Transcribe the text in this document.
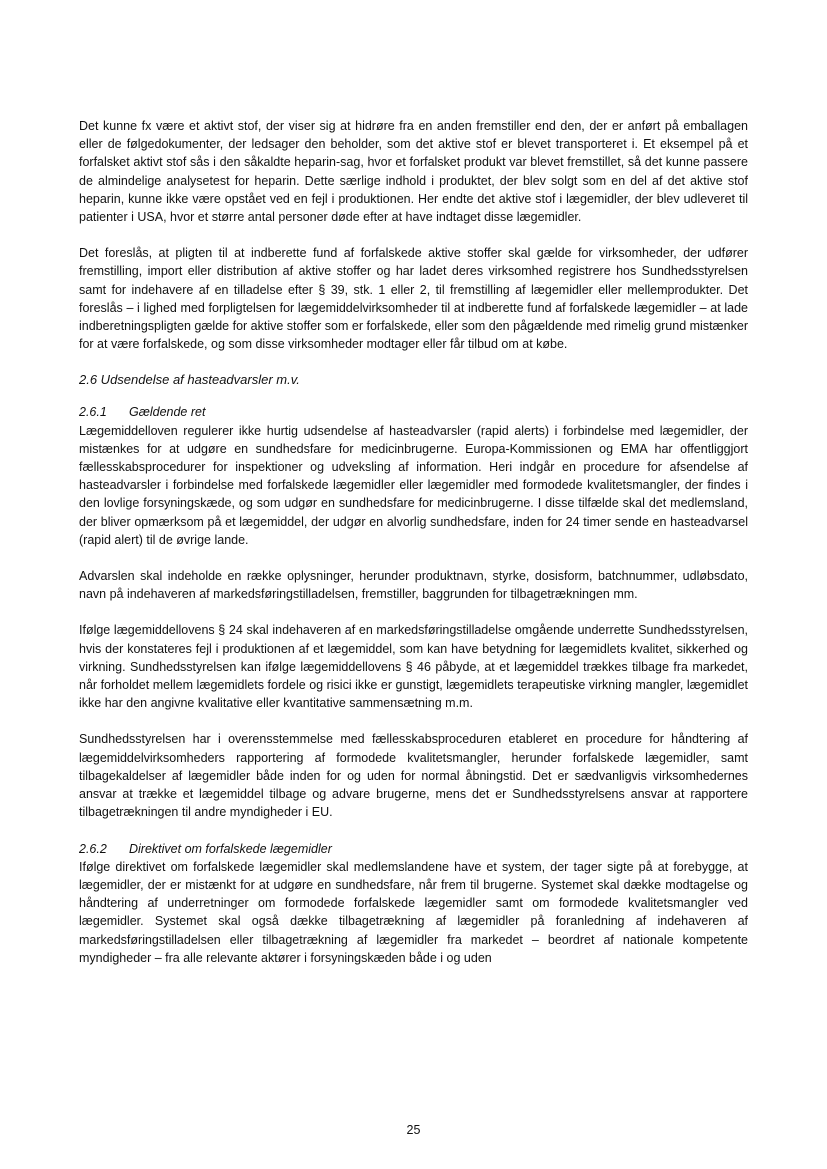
Det kunne fx være et aktivt stof, der viser sig at hidrøre fra en anden fremstiller end den, der er anført på emballagen eller de følgedokumenter, der ledsager den beholder, som det aktive stof er blevet transporteret i. Et eksempel på et forfalsket aktivt stof sås i den såkaldte heparin-sag, hvor et forfalsket produkt var blevet fremstillet, så det kunne passere de almindelige analysetest for heparin. Dette særlige indhold i produktet, der blev solgt som en del af det aktive stof heparin, kunne ikke være opstået ved en fejl i produktionen. Her endte det aktive stof i lægemidler, der blev udleveret til patienter i USA, hvor et større antal personer døde efter at have indtaget disse lægemidler.

Det foreslås, at pligten til at indberette fund af forfalskede aktive stoffer skal gælde for virksomheder, der udfører fremstilling, import eller distribution af aktive stoffer og har ladet deres virksomhed registrere hos Sundhedsstyrelsen samt for indehavere af en tilladelse efter § 39, stk. 1 eller 2, til fremstilling af lægemidler eller mellemprodukter. Det foreslås – i lighed med forpligtelsen for lægemiddelvirksomheder til at indberette fund af forfalskede lægemidler – at lade indberetningspligten gælde for aktive stoffer som er forfalskede, eller som den pågældende med rimelig grund mistænker for at være forfalskede, og som disse virksomheder modtager eller får tilbud om at købe.

2.6 Udsendelse af hasteadvarsler m.v.
2.6.1 Gældende ret

Lægemiddelloven regulerer ikke hurtig udsendelse af hasteadvarsler (rapid alerts) i forbindelse med lægemidler, der mistænkes for at udgøre en sundhedsfare for medicinbrugerne. Europa-Kommissionen og EMA har offentliggjort fællesskabsprocedurer for inspektioner og udveksling af information. Heri indgår en procedure for afsendelse af hasteadvarsler i forbindelse med forfalskede lægemidler eller lægemidler med formodede kvalitetsmangler, der findes i den lovlige forsyningskæde, og som udgør en sundhedsfare for medicinbrugerne. I disse tilfælde skal det medlemsland, der bliver opmærksom på et lægemiddel, der udgør en alvorlig sundhedsfare, inden for 24 timer sende en hasteadvarsel (rapid alert) til de øvrige lande.

Advarslen skal indeholde en række oplysninger, herunder produktnavn, styrke, dosisform, batchnummer, udløbsdato, navn på indehaveren af markedsføringstilladelsen, fremstiller, baggrunden for tilbagetrækningen mm.

Ifølge lægemiddellovens § 24 skal indehaveren af en markedsføringstilladelse omgående underrette Sundhedsstyrelsen, hvis der konstateres fejl i produktionen af et lægemiddel, som kan have betydning for lægemidlets kvalitet, sikkerhed og virkning. Sundhedsstyrelsen kan ifølge lægemiddellovens § 46 påbyde, at et lægemiddel trækkes tilbage fra markedet, når forholdet mellem lægemidlets fordele og risici ikke er gunstigt, lægemidlets terapeutiske virkning mangler, lægemidlet ikke har den angivne kvalitative eller kvantitative sammensætning m.m.

Sundhedsstyrelsen har i overensstemmelse med fællesskabsproceduren etableret en procedure for håndtering af lægemiddelvirksomheders rapportering af formodede kvalitetsmangler, herunder forfalskede lægemidler, samt tilbagekaldelser af lægemidler både inden for og uden for normal åbningstid. Det er sædvanligvis virksomhedernes ansvar at trække et lægemiddel tilbage og advare brugerne, mens det er Sundhedsstyrelsens ansvar at rapportere tilbagetrækningen til andre myndigheder i EU.

2.6.2 Direktivet om forfalskede lægemidler

Ifølge direktivet om forfalskede lægemidler skal medlemslandene have et system, der tager sigte på at forebygge, at lægemidler, der er mistænkt for at udgøre en sundhedsfare, når frem til brugerne. Systemet skal dække modtagelse og håndtering af underretninger om formodede forfalskede lægemidler samt om formodede kvalitetsmangler ved lægemidler. Systemet skal også dække tilbagetrækning af lægemidler på foranledning af indehaveren af markedsføringstilladelsen eller tilbagetrækning af lægemidler fra markedet – beordret af nationale kompetente myndigheder – fra alle relevante aktører i forsyningskæden både i og uden

25
